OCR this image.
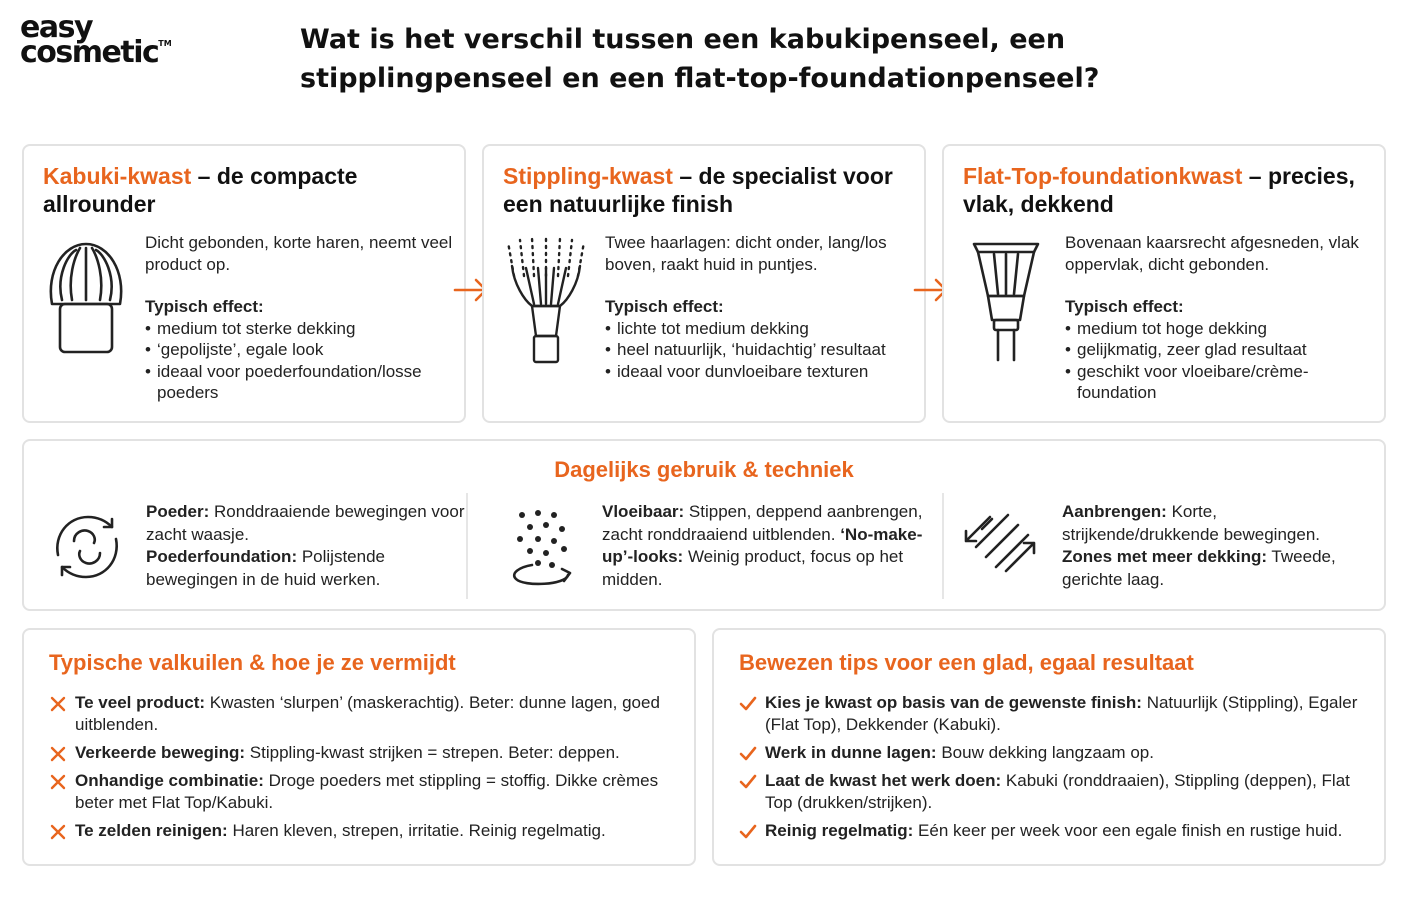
easy
cosmetic™	Wat is het verschil tussen een kabukipenseel, een stipplingpenseel en een flat-top-foundationpenseel?
Kabuki-kwast – de compacte allrounder

Dicht gebonden, korte haren, neemt veel product op.

Typisch effect:

• medium tot sterke dekking
• ‘gepolijste’, egale look
• ideaal voor poederfoundation/losse poeders
Stippling-kwast – de specialist voor een natuurlijke finish

Twee haarlagen: dicht onder, lang/los boven, raakt huid in puntjes.

Typisch effect:

• lichte tot medium dekking
• heel natuurlijk, ‘huidachtig’ resultaat
• ideaal voor dunvloeibare texturen
Flat-Top-foundationkwast – precies, vlak, dekkend

Bovenaan kaarsrecht afgesneden, vlak oppervlak, dicht gebonden.

Typisch effect:

• medium tot hoge dekking
• gelijkmatig, zeer glad resultaat
• geschikt voor vloeibare/crème-foundation
Dagelijks gebruik & techniek
Poeder: Ronddraaiende bewegingen voor zacht waasje.
Poederfoundation: Polijstende bewegingen in de huid werken.
Vloeibaar: Stippen, deppend aanbrengen, zacht ronddraaiend uitblenden. ‘No-make-up’-looks: Weinig product, focus op het midden.
Aanbrengen: Korte, strijkende/drukkende bewegingen.
Zones met meer dekking: Tweede, gerichte laag.
Typische valkuilen & hoe je ze vermijdt
Te veel product: Kwasten ‘slurpen’ (maskerachtig). Beter: dunne lagen, goed uitblenden.
Verkeerde beweging: Stippling-kwast strijken = strepen. Beter: deppen.
Onhandige combinatie: Droge poeders met stippling = stoffig. Dikke crèmes beter met Flat Top/Kabuki.
Te zelden reinigen: Haren kleven, strepen, irritatie. Reinig regelmatig.
Bewezen tips voor een glad, egaal resultaat
Kies je kwast op basis van de gewenste finish: Natuurlijk (Stippling), Egaler (Flat Top), Dekkender (Kabuki).
Werk in dunne lagen: Bouw dekking langzaam op.
Laat de kwast het werk doen: Kabuki (ronddraaien), Stippling (deppen), Flat Top (drukken/strijken).
Reinig regelmatig: Eén keer per week voor een egale finish en rustige huid.
